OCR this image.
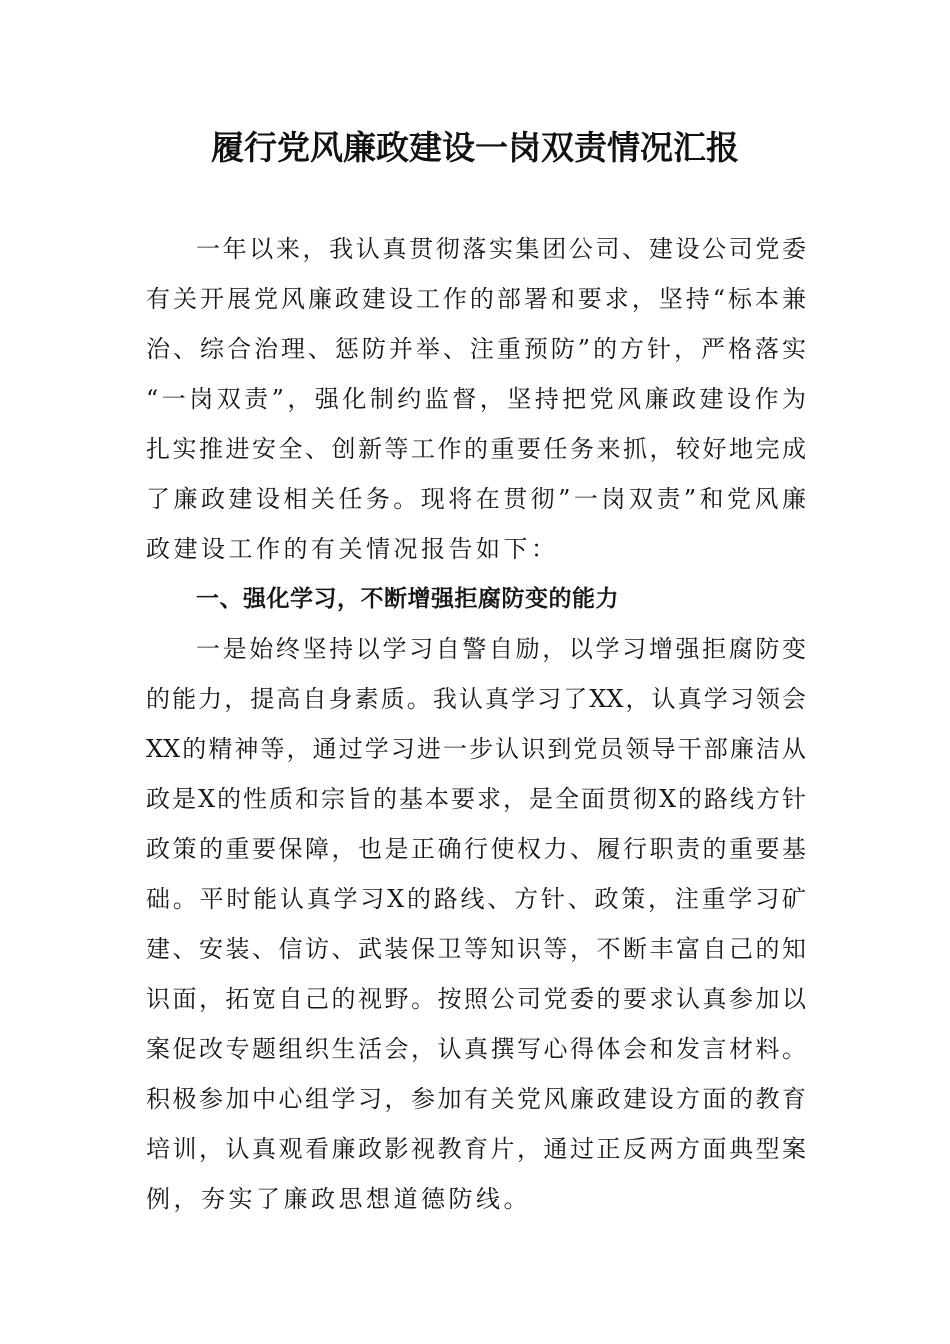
履行党风廉政建设一岗双责情况汇报

一年以来，我认真贯彻落实集团公司、建设公司党委

有关开展党风廉政建设工作的部署和要求，坚持“标本兼

治、综合治理、惩防并举、注重预防”的方针，严格落实

“一岗双责”，强化制约监督，坚持把党风廉政建设作为

扎实推进安全、创新等工作的重要任务来抓，较好地完成

了廉政建设相关任务。现将在贯彻”一岗双责”和党风廉

政建设工作的有关情况报告如下：

一、强化学习，不断增强拒腐防变的能力

一是始终坚持以学习自警自励，以学习增强拒腐防变

的能力，提高自身素质。我认真学习了XX，认真学习领会

XX的精神等，通过学习进一步认识到党员领导干部廉洁从

政是X的性质和宗旨的基本要求，是全面贯彻X的路线方针

政策的重要保障，也是正确行使权力、履行职责的重要基

础。平时能认真学习X的路线、方针、政策，注重学习矿

建、安装、信访、武装保卫等知识等，不断丰富自己的知

识面，拓宽自己的视野。按照公司党委的要求认真参加以

案促改专题组织生活会，认真撰写心得体会和发言材料。

积极参加中心组学习，参加有关党风廉政建设方面的教育

培训，认真观看廉政影视教育片，通过正反两方面典型案

例，夯实了廉政思想道德防线。
